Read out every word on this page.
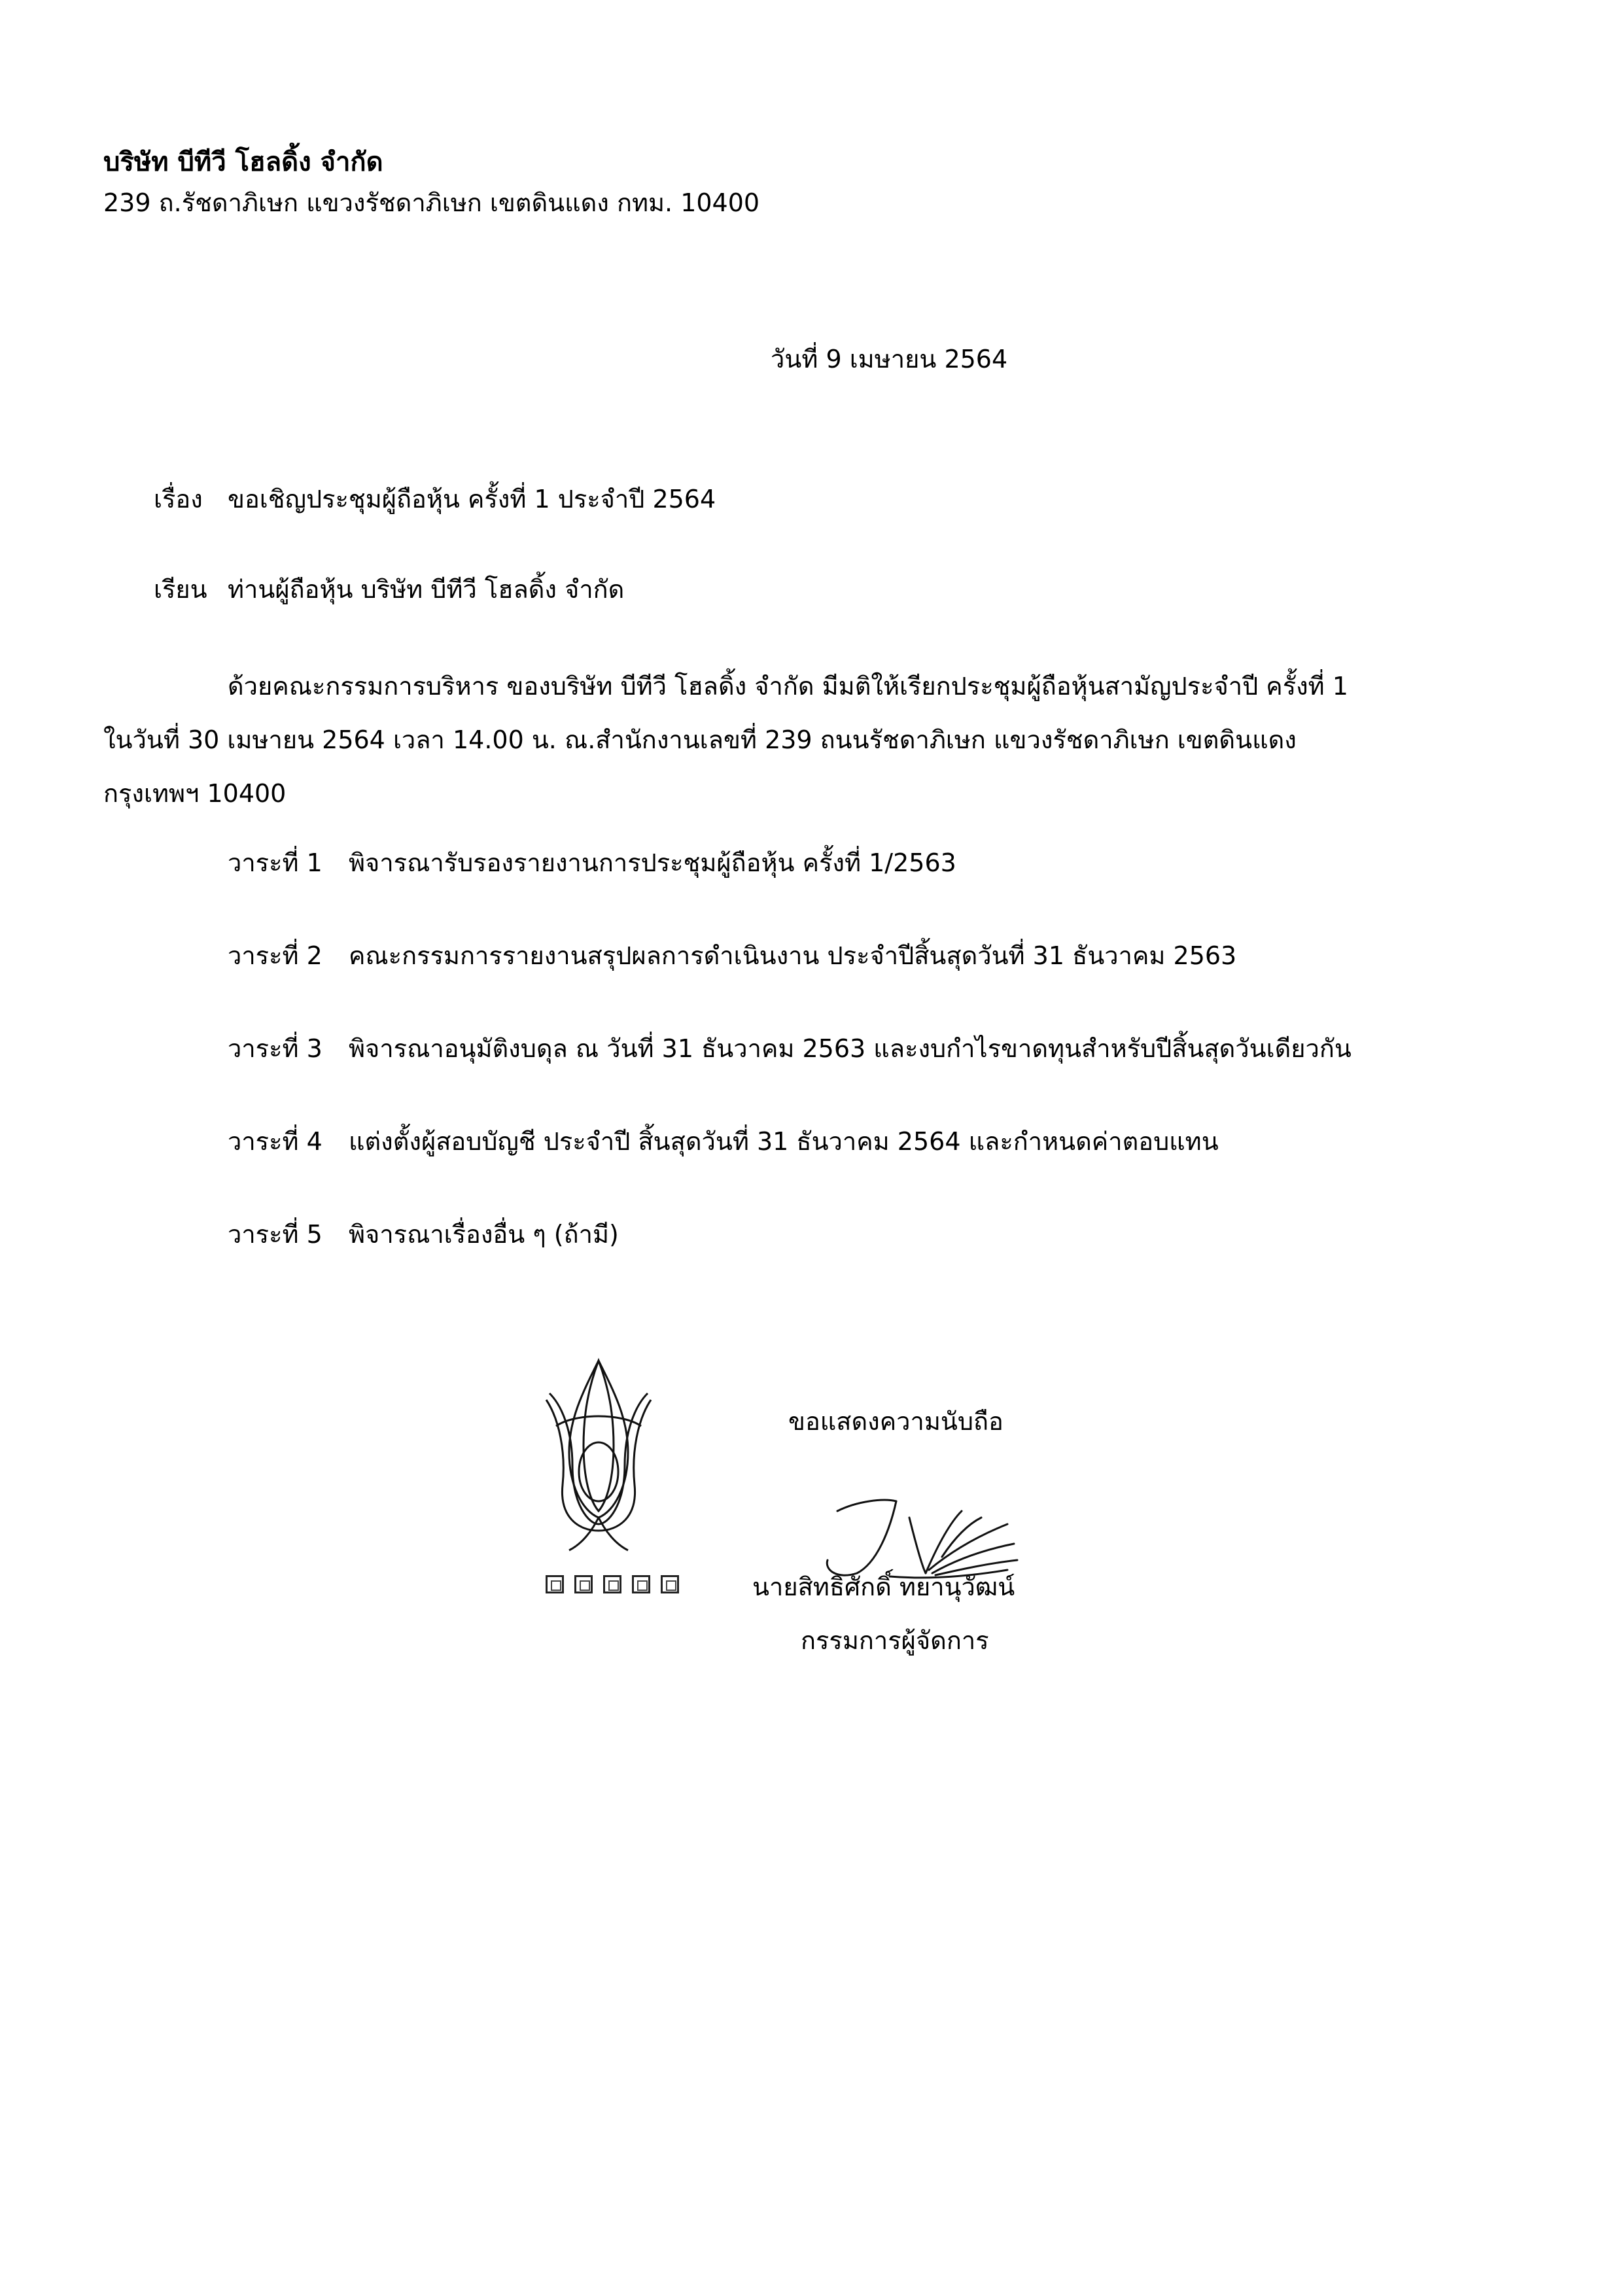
บริษัท บีทีวี โฮลดิ้ง จำกัด
239 ถ.รัชดาภิเษก แขวงรัชดาภิเษก เขตดินแดง กทม. 10400
วันที่ 9 เมษายน 2564
เรื่อง ขอเชิญประชุมผู้ถือหุ้น ครั้งที่ 1 ประจำปี 2564
เรียน ท่านผู้ถือหุ้น บริษัท บีทีวี โฮลดิ้ง จำกัด
ด้วยคณะกรรมการบริหาร ของบริษัท บีทีวี โฮลดิ้ง จำกัด มีมติให้เรียกประชุมผู้ถือหุ้นสามัญประจำปี ครั้งที่ 1
ในวันที่ 30 เมษายน 2564 เวลา 14.00 น. ณ.สำนักงานเลขที่ 239 ถนนรัชดาภิเษก แขวงรัชดาภิเษก เขตดินแดง
กรุงเทพฯ 10400
วาระที่ 1 พิจารณารับรองรายงานการประชุมผู้ถือหุ้น ครั้งที่ 1/2563
วาระที่ 2 คณะกรรมการรายงานสรุปผลการดำเนินงาน ประจำปีสิ้นสุดวันที่ 31 ธันวาคม 2563
วาระที่ 3 พิจารณาอนุมัติงบดุล ณ วันที่ 31 ธันวาคม 2563 และงบกำไรขาดทุนสำหรับปีสิ้นสุดวันเดียวกัน
วาระที่ 4 แต่งตั้งผู้สอบบัญชี ประจำปี สิ้นสุดวันที่ 31 ธันวาคม 2564 และกำหนดค่าตอบแทน
วาระที่ 5 พิจารณาเรื่องอื่น ๆ (ถ้ามี)
ขอแสดงความนับถือ
นายสิทธิศักดิ์ ทยานุวัฒน์
กรรมการผู้จัดการ
